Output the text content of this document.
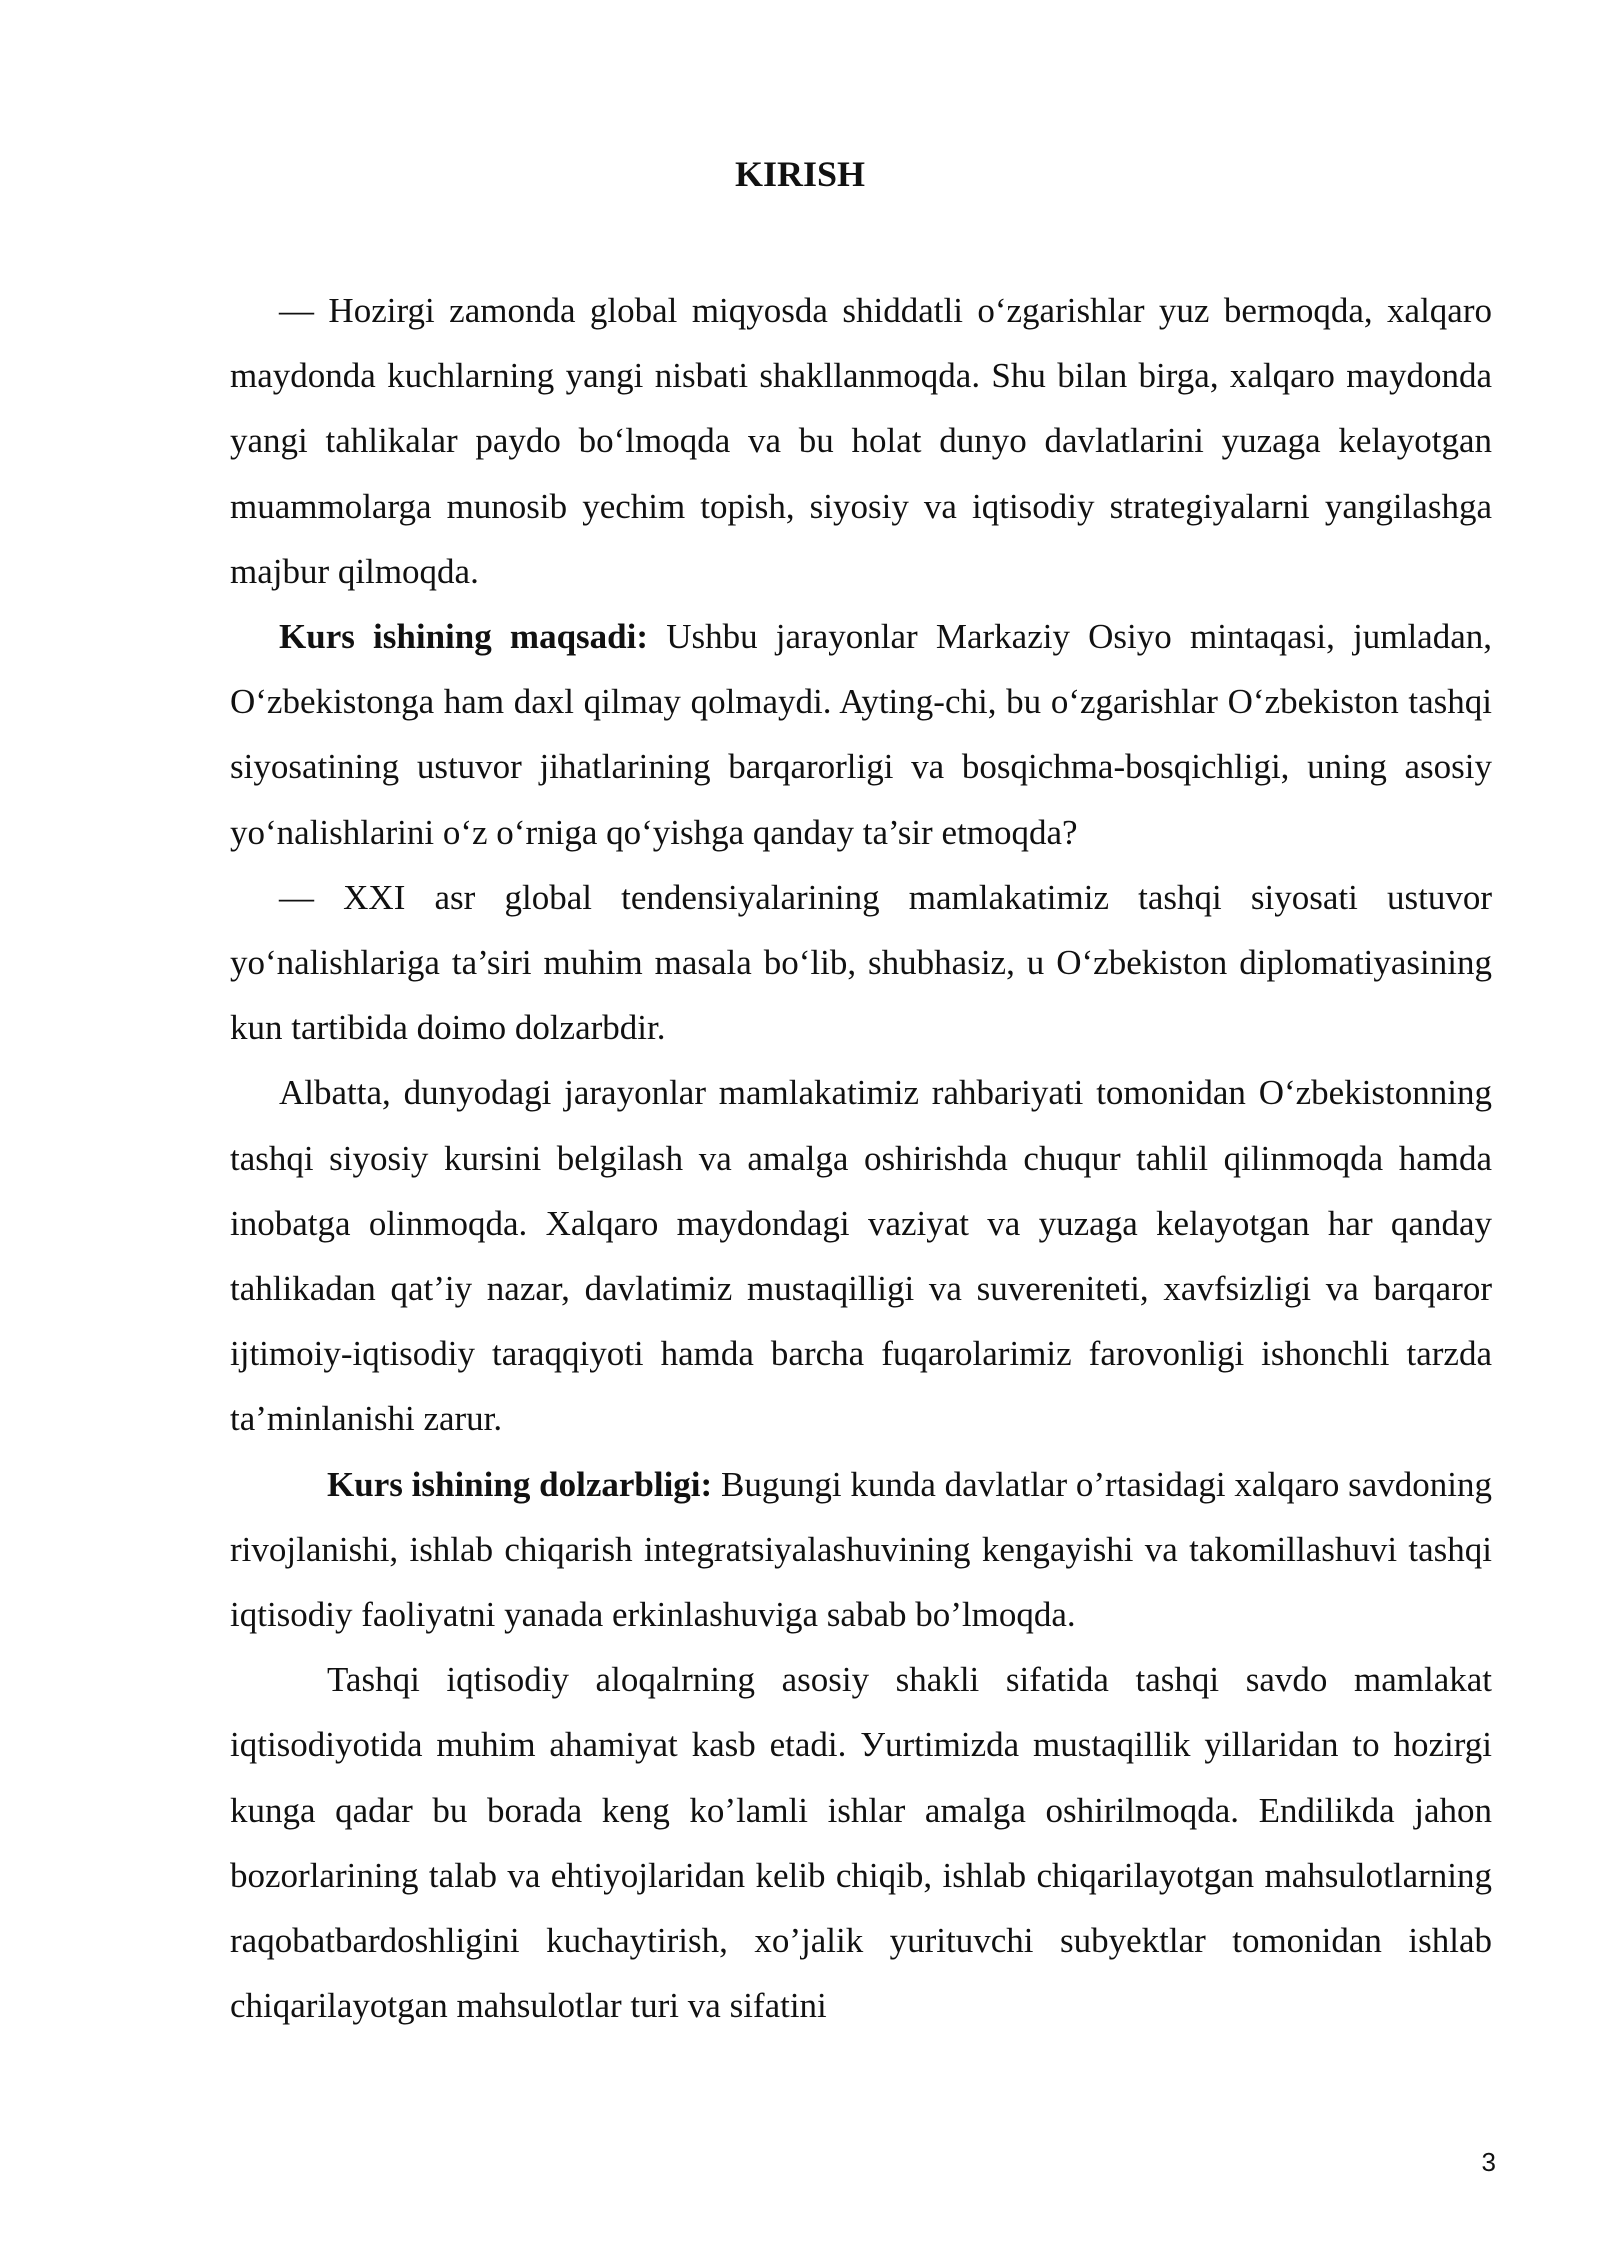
KIRISH

— Hozirgi zamonda global miqyosda shiddatli o‘zgarishlar yuz bermoqda, xalqaro maydonda kuchlarning yangi nisbati shakllanmoqda. Shu bilan birga, xalqaro maydonda yangi tahlikalar paydo bo‘lmoqda va bu holat dunyo davlatlarini yuzaga kelayotgan muammolarga munosib yechim topish, siyosiy va iqtisodiy strategiyalarni yangilashga majbur qilmoqda.

Kurs ishining maqsadi: Ushbu jarayonlar Markaziy Osiyo mintaqasi, jumladan, O‘zbekistonga ham daxl qilmay qolmaydi. Ayting-chi, bu o‘zgarishlar O‘zbekiston tashqi siyosatining ustuvor jihatlarining barqarorligi va bosqichma-bosqichligi, uning asosiy yo‘nalishlarini o‘z o‘rniga qo‘yishga qanday ta’sir etmoqda?

— XXI asr global tendensiyalarining mamlakatimiz tashqi siyosati ustuvor yo‘nalishlariga ta’siri muhim masala bo‘lib, shubhasiz, u O‘zbekiston diplomatiyasining kun tartibida doimo dolzarbdir.

Albatta, dunyodagi jarayonlar mamlakatimiz rahbariyati tomonidan O‘zbekistonning tashqi siyosiy kursini belgilash va amalga oshirishda chuqur tahlil qilinmoqda hamda inobatga olinmoqda. Xalqaro maydondagi vaziyat va yuzaga kelayotgan har qanday tahlikadan qat’iy nazar, davlatimiz mustaqilligi va suvereniteti, xavfsizligi va barqaror ijtimoiy-iqtisodiy taraqqiyoti hamda barcha fuqarolarimiz farovonligi ishonchli tarzda ta’minlanishi zarur.

Kurs ishining dolzarbligi: Bugungi kunda davlatlar o’rtasidagi xalqaro savdoning rivojlanishi, ishlab chiqarish integratsiyalashuvining kengayishi va takomillashuvi tashqi iqtisodiy faoliyatni yanada erkinlashuviga sabab bo’lmoqda.

Tashqi iqtisodiy aloqalrning asosiy shakli sifatida tashqi savdo mamlakat iqtisodiyotida muhim ahamiyat kasb etadi. Уurtimizda mustaqillik yillaridan to hozirgi kunga qadar bu borada keng ko’lamli ishlar amalga oshirilmoqda. Endilikda jahon bozorlarining talab va ehtiyojlaridan kelib chiqib, ishlab chiqarilayotgan mahsulotlarning raqobatbardoshligini kuchaytirish, xo’jalik yurituvchi subyektlar tomonidan ishlab chiqarilayotgan mahsulotlar turi va sifatini

3
